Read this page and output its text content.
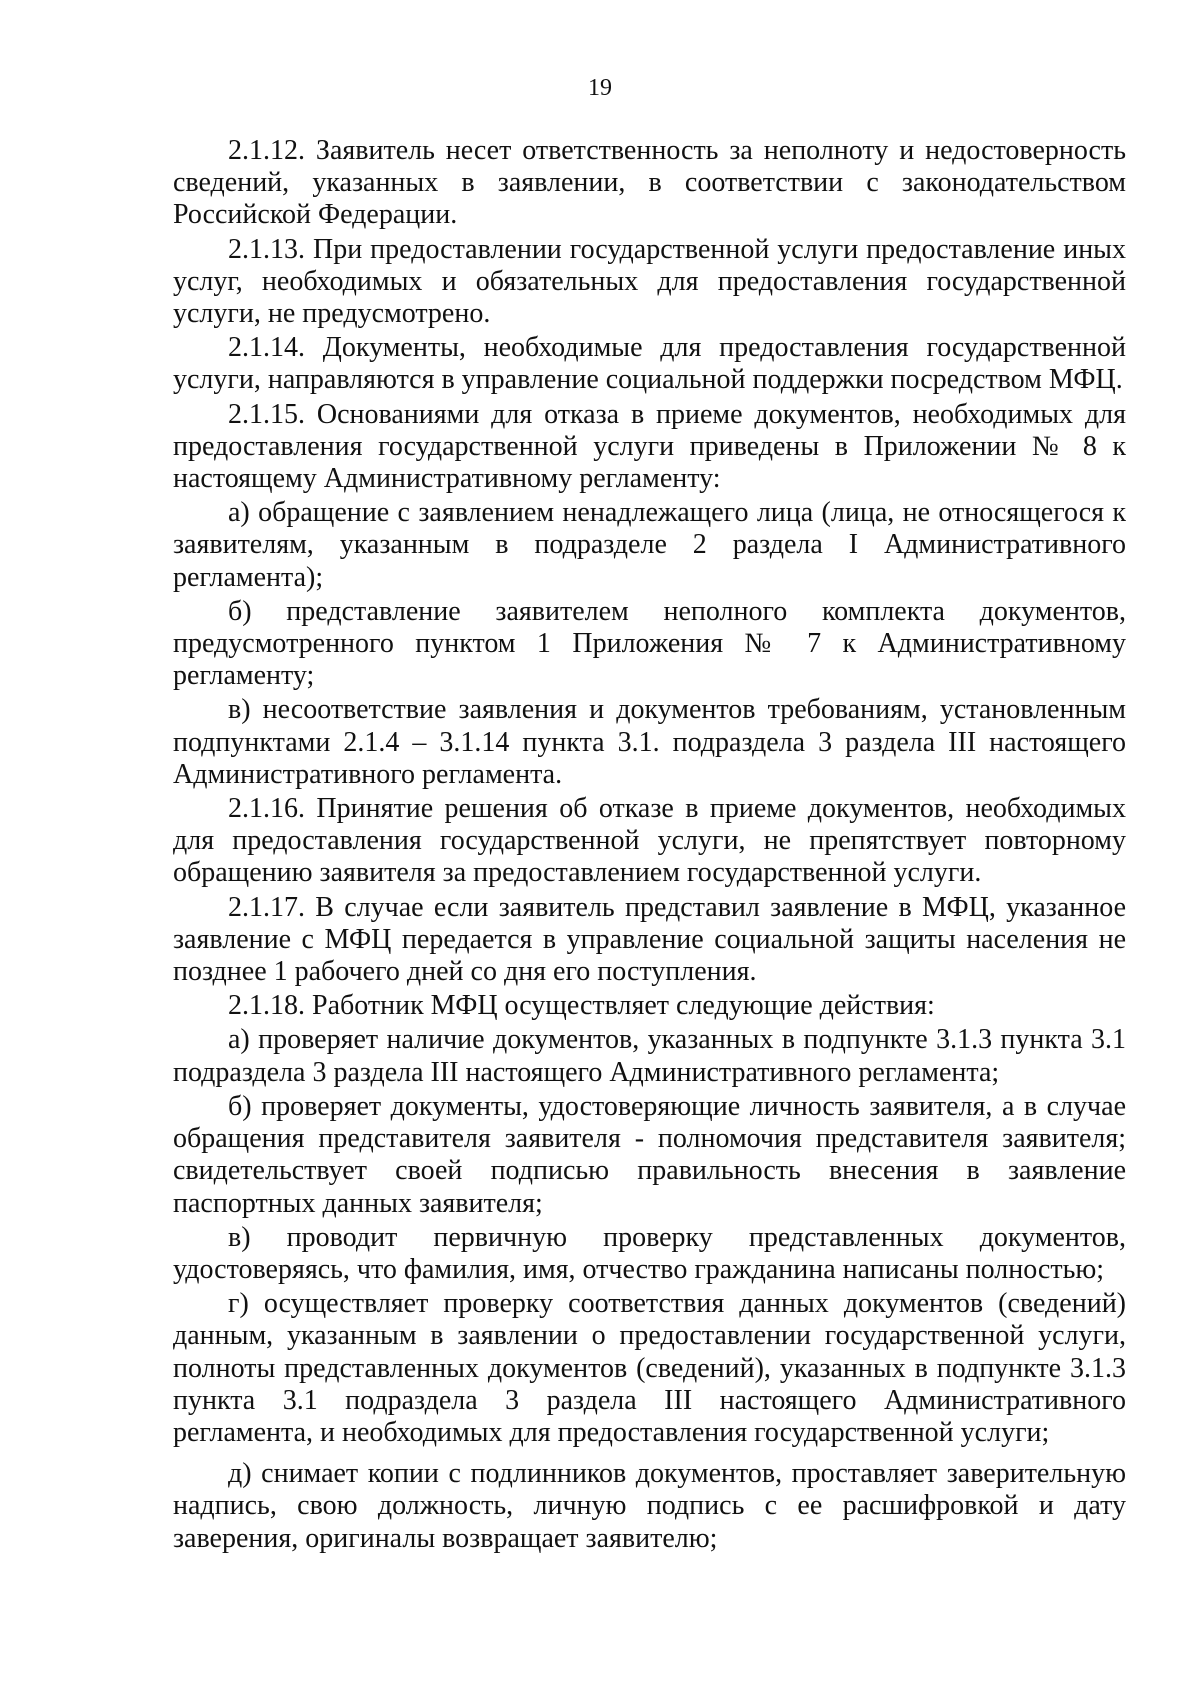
19

2.1.12. Заявитель несет ответственность за неполноту и недостоверность сведений, указанных в заявлении, в соответствии с законодательством Российской Федерации.

2.1.13. При предоставлении государственной услуги предоставление иных услуг, необходимых и обязательных для предоставления государственной услуги, не предусмотрено.

2.1.14. Документы, необходимые для предоставления государственной услуги, направляются в управление социальной поддержки посредством МФЦ.

2.1.15. Основаниями для отказа в приеме документов, необходимых для предоставления государственной услуги приведены в Приложении № 8 к настоящему Административному регламенту:

а) обращение с заявлением ненадлежащего лица (лица, не относящегося к заявителям, указанным в подразделе 2 раздела I Административного регламента);

б) представление заявителем неполного комплекта документов, предусмотренного пунктом 1 Приложения № 7 к Административному регламенту;

в) несоответствие заявления и документов требованиям, установленным подпунктами 2.1.4 – 3.1.14 пункта 3.1. подраздела 3 раздела III настоящего Административного регламента.

2.1.16. Принятие решения об отказе в приеме документов, необходимых для предоставления государственной услуги, не препятствует повторному обращению заявителя за предоставлением государственной услуги.

2.1.17. В случае если заявитель представил заявление в МФЦ, указанное заявление с МФЦ передается в управление социальной защиты населения не позднее 1 рабочего дней со дня его поступления.

2.1.18. Работник МФЦ осуществляет следующие действия:

а) проверяет наличие документов, указанных в подпункте 3.1.3 пункта 3.1 подраздела 3 раздела III настоящего Административного регламента;

б) проверяет документы, удостоверяющие личность заявителя, а в случае обращения представителя заявителя - полномочия представителя заявителя; свидетельствует своей подписью правильность внесения в заявление паспортных данных заявителя;

в) проводит первичную проверку представленных документов, удостоверяясь, что фамилия, имя, отчество гражданина написаны полностью;

г) осуществляет проверку соответствия данных документов (сведений) данным, указанным в заявлении о предоставлении государственной услуги, полноты представленных документов (сведений), указанных в подпункте 3.1.3 пункта 3.1 подраздела 3 раздела III настоящего Административного регламента, и необходимых для предоставления государственной услуги;

д) снимает копии с подлинников документов, проставляет заверительную надпись, свою должность, личную подпись с ее расшифровкой и дату заверения, оригиналы возвращает заявителю;
